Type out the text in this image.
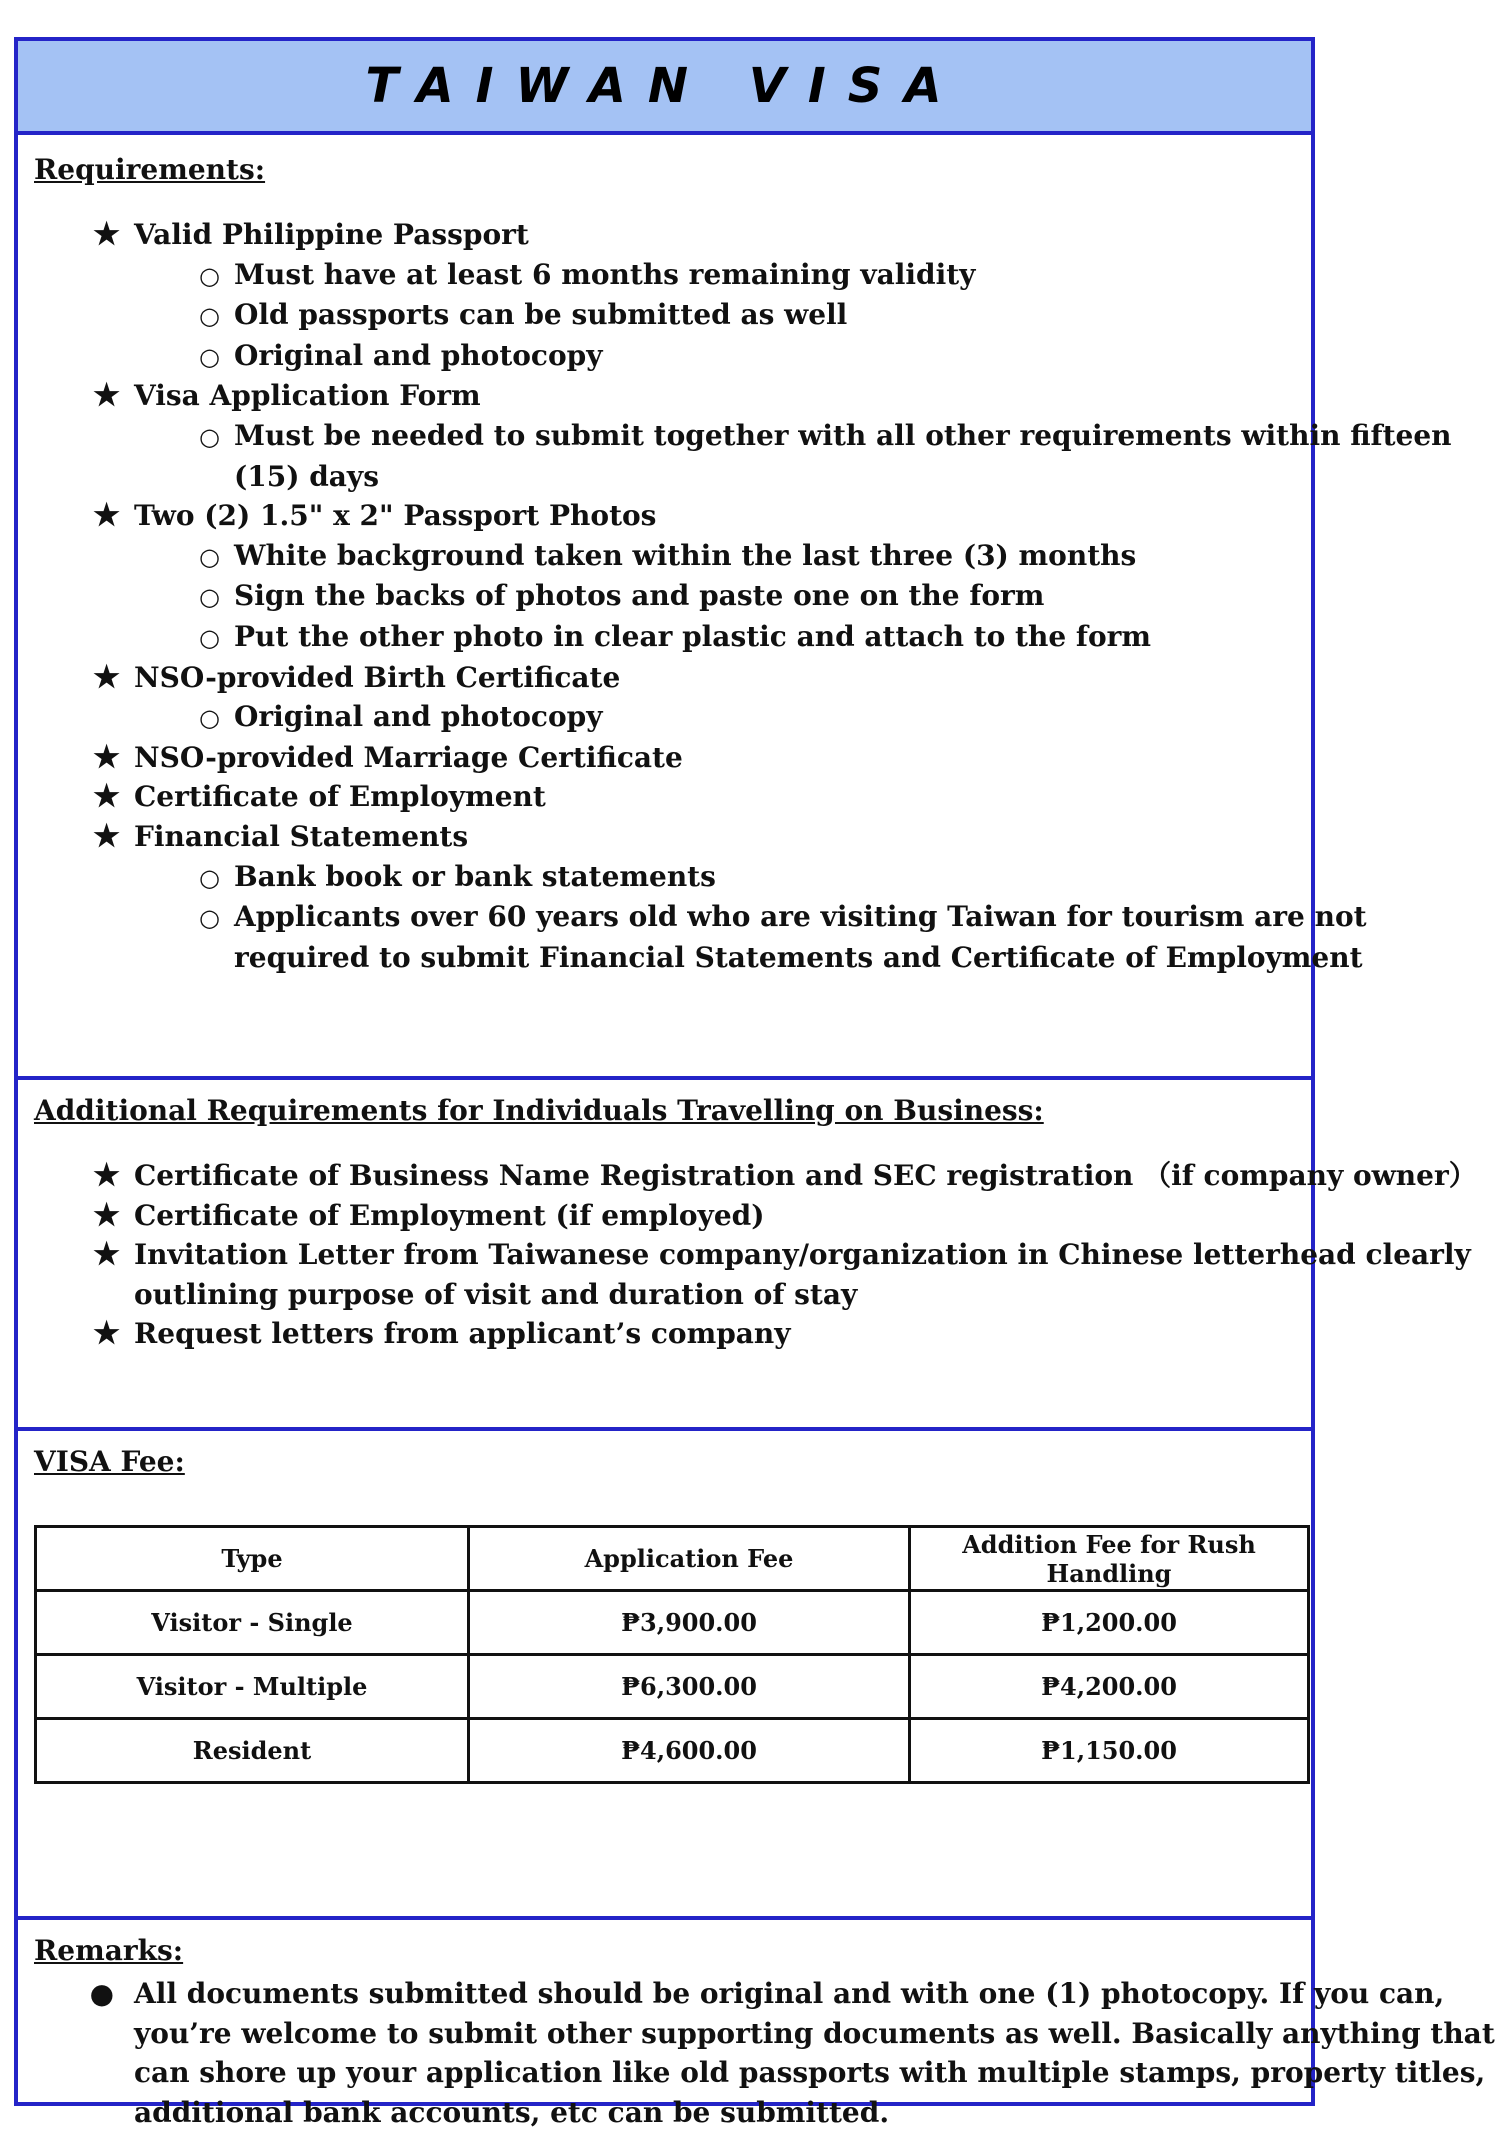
TAIWAN VISA
Requirements:
★ Valid Philippine Passport
○ Must have at least 6 months remaining validity
○ Old passports can be submitted as well
○ Original and photocopy
★ Visa Application Form
○ Must be needed to submit together with all other requirements within fifteen
(15) days
★ Two (2) 1.5" x 2" Passport Photos
○ White background taken within the last three (3) months
○ Sign the backs of photos and paste one on the form
○ Put the other photo in clear plastic and attach to the form
★ NSO-provided Birth Certificate
○ Original and photocopy
★ NSO-provided Marriage Certificate
★ Certificate of Employment
★ Financial Statements
○ Bank book or bank statements
○ Applicants over 60 years old who are visiting Taiwan for tourism are not
required to submit Financial Statements and Certificate of Employment
Additional Requirements for Individuals Travelling on Business:
★ Certificate of Business Name Registration and SEC registration （if company owner）
★ Certificate of Employment (if employed)
★ Invitation Letter from Taiwanese company/organization in Chinese letterhead clearly
outlining purpose of visit and duration of stay
★ Request letters from applicant’s company
VISA Fee:
Type	Application Fee	Addition Fee for Rush Handling
Visitor - Single	₱3,900.00	₱1,200.00
Visitor - Multiple	₱6,300.00	₱4,200.00
Resident	₱4,600.00	₱1,150.00
Remarks:
● All documents submitted should be original and with one (1) photocopy. If you can,
you’re welcome to submit other supporting documents as well. Basically anything that
can shore up your application like old passports with multiple stamps, property titles,
additional bank accounts, etc can be submitted.
